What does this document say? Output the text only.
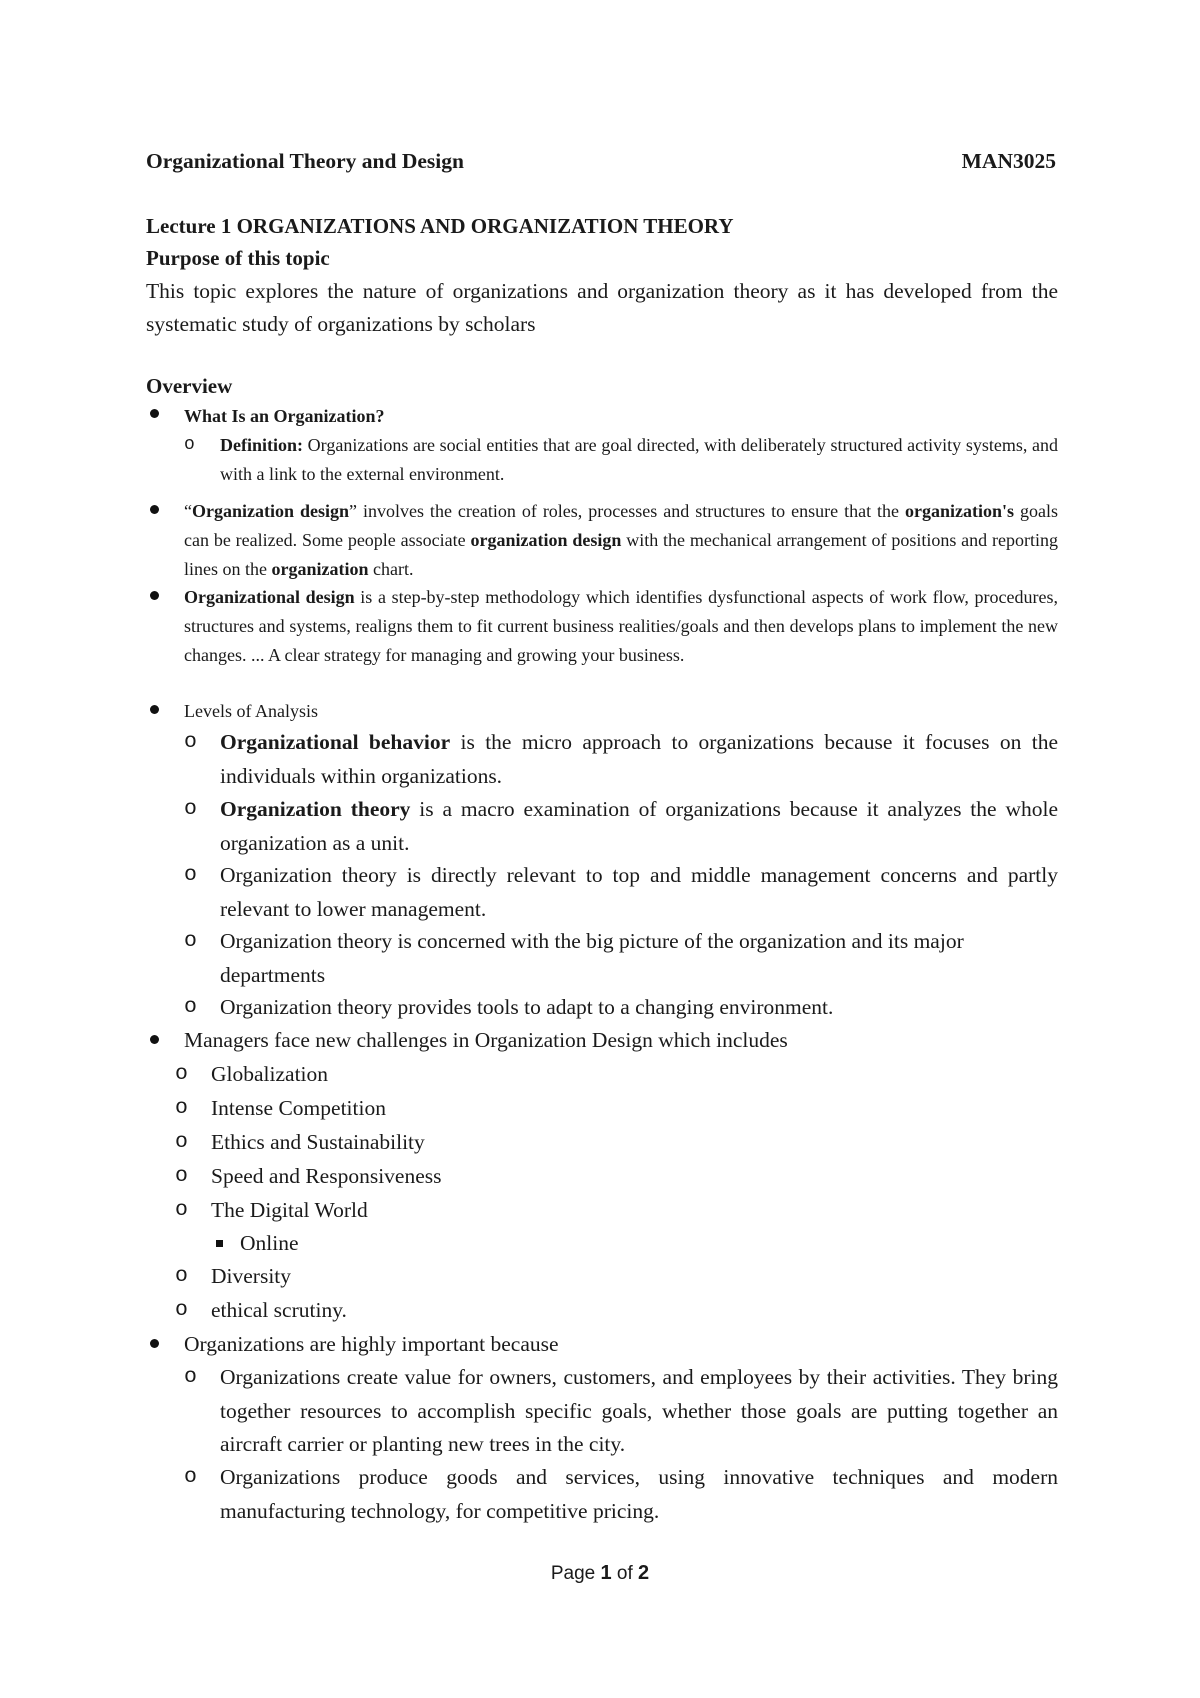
Organizational Theory and Design	MAN3025
Lecture 1 ORGANIZATIONS AND ORGANIZATION THEORY
Purpose of this topic
This topic explores the nature of organizations and organization theory as it has developed from the systematic study of organizations by scholars
Overview
What Is an Organization?
o Definition: Organizations are social entities that are goal directed, with deliberately structured activity systems, and with a link to the external environment.
“Organization design” involves the creation of roles, processes and structures to ensure that the organization's goals can be realized. Some people associate organization design with the mechanical arrangement of positions and reporting lines on the organization chart.
Organizational design is a step-by-step methodology which identifies dysfunctional aspects of work flow, procedures, structures and systems, realigns them to fit current business realities/goals and then develops plans to implement the new changes. ... A clear strategy for managing and growing your business.
Levels of Analysis
o Organizational behavior is the micro approach to organizations because it focuses on the individuals within organizations.
o Organization theory is a macro examination of organizations because it analyzes the whole organization as a unit.
o Organization theory is directly relevant to top and middle management concerns and partly relevant to lower management.
o Organization theory is concerned with the big picture of the organization and its major departments
o Organization theory provides tools to adapt to a changing environment.
Managers face new challenges in Organization Design which includes
o Globalization
o Intense Competition
o Ethics and Sustainability
o Speed and Responsiveness
o The Digital World
Online
o Diversity
o ethical scrutiny.
Organizations are highly important because
o Organizations create value for owners, customers, and employees by their activities. They bring together resources to accomplish specific goals, whether those goals are putting together an aircraft carrier or planting new trees in the city.
o Organizations produce goods and services, using innovative techniques and modern manufacturing technology, for competitive pricing.
Page 1 of 2
